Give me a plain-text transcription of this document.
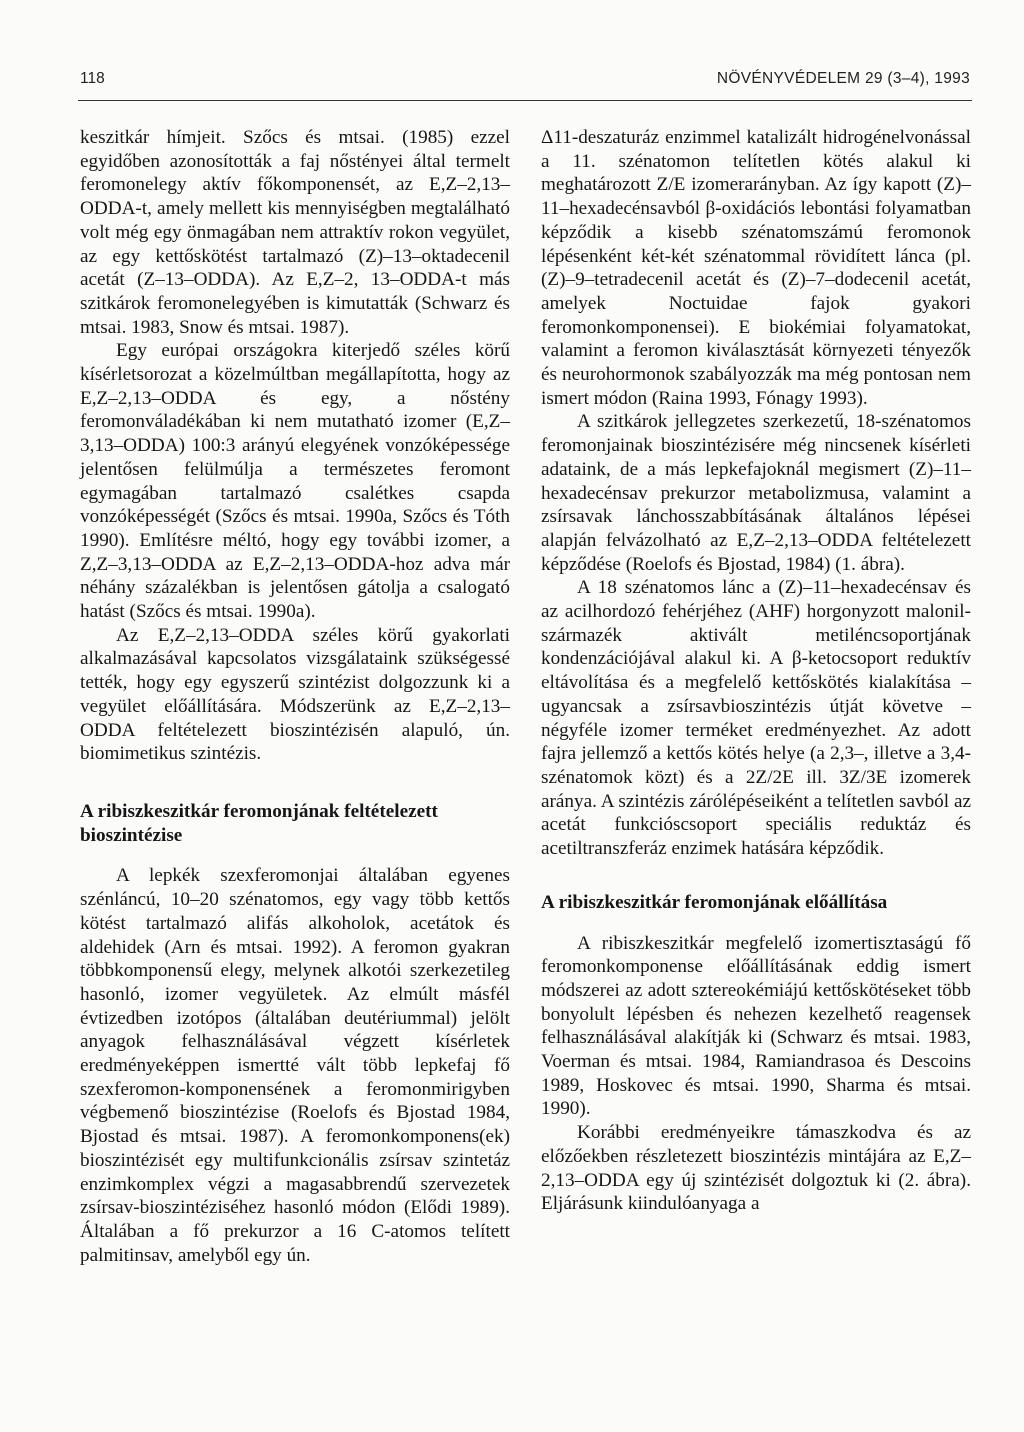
118	NÖVÉNYVÉDELEM 29 (3–4), 1993

keszitkár hímjeit. Szőcs és mtsai. (1985) ezzel egyidőben azonosították a faj nőstényei által termelt feromonelegy aktív főkomponensét, az E,Z–2,13–ODDA-t, amely mellett kis mennyiségben megtalálható volt még egy önmagában nem attraktív rokon vegyület, az egy kettőskötést tartalmazó (Z)–13–oktadecenil acetát (Z–13–ODDA). Az E,Z–2, 13–ODDA-t más szitkárok feromonelegyében is kimutatták (Schwarz és mtsai. 1983, Snow és mtsai. 1987).

Egy európai országokra kiterjedő széles körű kísérletsorozat a közelmúltban megállapította, hogy az E,Z–2,13–ODDA és egy, a nőstény feromonváladékában ki nem mutatható izomer (E,Z–3,13–ODDA) 100:3 arányú elegyének vonzóképessége jelentősen felülmúlja a természetes feromont egymagában tartalmazó csalétkes csapda vonzóképességét (Szőcs és mtsai. 1990a, Szőcs és Tóth 1990). Említésre méltó, hogy egy további izomer, a Z,Z–3,13–ODDA az E,Z–2,13–ODDA-hoz adva már néhány százalékban is jelentősen gátolja a csalogató hatást (Szőcs és mtsai. 1990a).

Az E,Z–2,13–ODDA széles körű gyakorlati alkalmazásával kapcsolatos vizsgálataink szükségessé tették, hogy egy egyszerű szintézist dolgozzunk ki a vegyület előállítására. Módszerünk az E,Z–2,13–ODDA feltételezett bioszintézisén alapuló, ún. biomimetikus szintézis.

A ribiszkeszitkár feromonjának feltételezett bioszintézise

A lepkék szexferomonjai általában egyenes szénláncú, 10–20 szénatomos, egy vagy több kettős kötést tartalmazó alifás alkoholok, acetátok és aldehidek (Arn és mtsai. 1992). A feromon gyakran többkomponensű elegy, melynek alkotói szerkezetileg hasonló, izomer vegyületek. Az elmúlt másfél évtizedben izotópos (általában deutériummal) jelölt anyagok felhasználásával végzett kísérletek eredményeképpen ismertté vált több lepkefaj fő szexferomon-komponensének a feromonmirigyben végbemenő bioszintézise (Roelofs és Bjostad 1984, Bjostad és mtsai. 1987). A feromonkomponens(ek) bioszintézisét egy multifunkcionális zsírsav szintetáz enzimkomplex végzi a magasabbrendű szervezetek zsírsav-bioszintéziséhez hasonló módon (Elődi 1989). Általában a fő prekurzor a 16 C-atomos telített palmitinsav, amelyből egy ún.

Δ11-deszaturáz enzimmel katalizált hidrogénelvonással a 11. szénatomon telítetlen kötés alakul ki meghatározott Z/E izomerarányban. Az így kapott (Z)–11–hexadecénsavból β-oxidációs lebontási folyamatban képződik a kisebb szénatomszámú feromonok lépésenként két-két szénatommal rövidített lánca (pl. (Z)–9–tetradecenil acetát és (Z)–7–dodecenil acetát, amelyek Noctuidae fajok gyakori feromonkomponensei). E biokémiai folyamatokat, valamint a feromon kiválasztását környezeti tényezők és neurohormonok szabályozzák ma még pontosan nem ismert módon (Raina 1993, Fónagy 1993).

A szitkárok jellegzetes szerkezetű, 18-szénatomos feromonjainak bioszintézisére még nincsenek kísérleti adataink, de a más lepkefajoknál megismert (Z)–11–hexadecénsav prekurzor metabolizmusa, valamint a zsírsavak lánchosszabbításának általános lépései alapján felvázolható az E,Z–2,13–ODDA feltételezett képződése (Roelofs és Bjostad, 1984) (1. ábra).

A 18 szénatomos lánc a (Z)–11–hexadecénsav és az acilhordozó fehérjéhez (AHF) horgonyzott malonil-származék aktivált metiléncsoportjának kondenzációjával alakul ki. A β-ketocsoport reduktív eltávolítása és a megfelelő kettőskötés kialakítása – ugyancsak a zsírsavbioszintézis útját követve – négyféle izomer terméket eredményezhet. Az adott fajra jellemző a kettős kötés helye (a 2,3–, illetve a 3,4-szénatomok közt) és a 2Z/2E ill. 3Z/3E izomerek aránya. A szintézis zárólépéseiként a telítetlen savból az acetát funkcióscsoport speciális reduktáz és acetiltranszferáz enzimek hatására képződik.

A ribiszkeszitkár feromonjának előállítása

A ribiszkeszitkár megfelelő izomertisztaságú fő feromonkomponense előállításának eddig ismert módszerei az adott sztereokémiájú kettőskötéseket több bonyolult lépésben és nehezen kezelhető reagensek felhasználásával alakítják ki (Schwarz és mtsai. 1983, Voerman és mtsai. 1984, Ramiandrasoa és Descoins 1989, Hoskovec és mtsai. 1990, Sharma és mtsai. 1990).

Korábbi eredményeikre támaszkodva és az előzőekben részletezett bioszintézis mintájára az E,Z–2,13–ODDA egy új szintézisét dolgoztuk ki (2. ábra). Eljárásunk kiindulóanyaga a
